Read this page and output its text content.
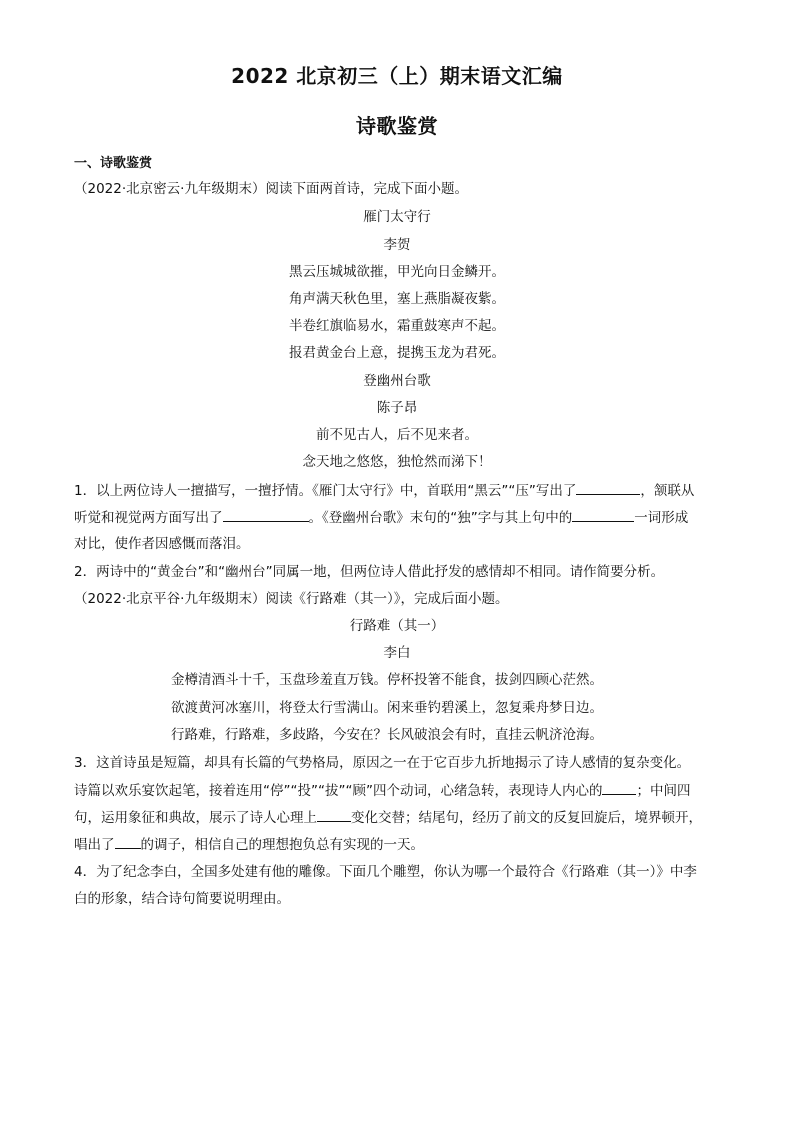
2022 北京初三（上）期末语文汇编
诗歌鉴赏
一、诗歌鉴赏
（2022·北京密云·九年级期末）阅读下面两首诗，完成下面小题。
雁门太守行
李贺
黑云压城城欲摧，甲光向日金鳞开。
角声满天秋色里，塞上燕脂凝夜紫。
半卷红旗临易水，霜重鼓寒声不起。
报君黄金台上意，提携玉龙为君死。
登幽州台歌
陈子昂
前不见古人，后不见来者。
念天地之悠悠，独怆然而涕下！
1．以上两位诗人一擅描写，一擅抒情。《雁门太守行》中，首联用“黑云”“压”写出了	，颔联从
听觉和视觉两方面写出了	。《登幽州台歌》末句的“独”字与其上句中的	一词形成
对比，使作者因感慨而落泪。
2．两诗中的“黄金台”和“幽州台”同属一地，但两位诗人借此抒发的感情却不相同。请作简要分析。
（2022·北京平谷·九年级期末）阅读《行路难（其一）》，完成后面小题。
行路难（其一）
李白
金樽清酒斗十千，玉盘珍羞直万钱。停杯投箸不能食，拔剑四顾心茫然。
欲渡黄河冰塞川，将登太行雪满山。闲来垂钓碧溪上，忽复乘舟梦日边。
行路难，行路难，多歧路，今安在？长风破浪会有时，直挂云帆济沧海。
3．这首诗虽是短篇，却具有长篇的气势格局，原因之一在于它百步九折地揭示了诗人感情的复杂变化。
诗篇以欢乐宴饮起笔，接着连用“停”“投”“拔”“顾”四个动词，心绪急转，表现诗人内心的	；中间四
句，运用象征和典故，展示了诗人心理上	变化交替；结尾句，经历了前文的反复回旋后，境界顿开，
唱出了 的调子，相信自己的理想抱负总有实现的一天。
4．为了纪念李白，全国多处建有他的雕像。下面几个雕塑，你认为哪一个最符合《行路难（其一）》中李
白的形象，结合诗句简要说明理由。
